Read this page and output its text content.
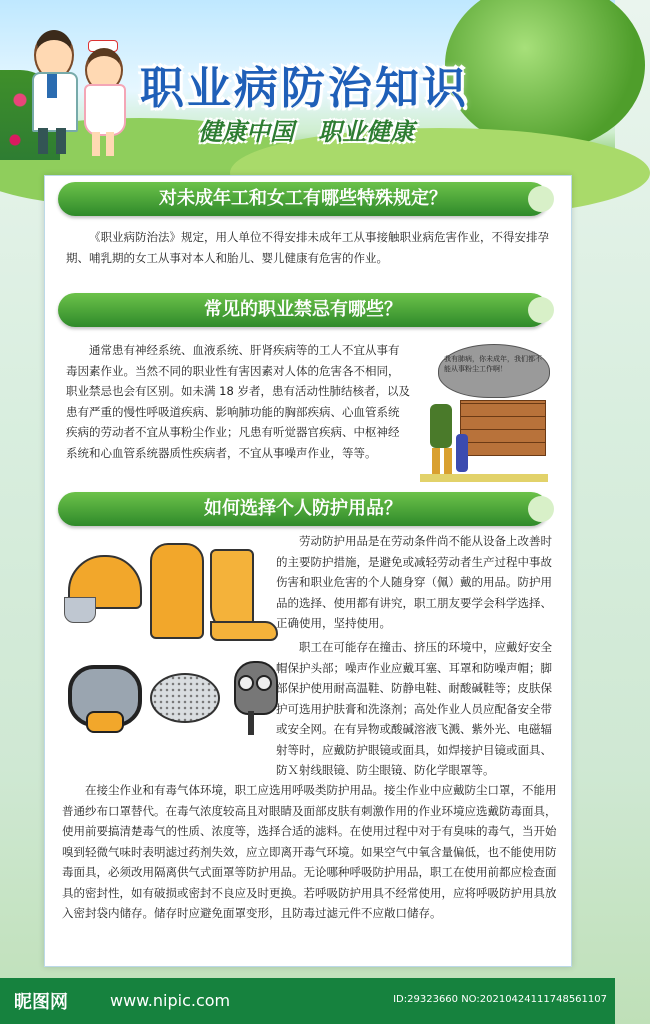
职业病防治知识
健康中国　职业健康
对未成年工和女工有哪些特殊规定？
《职业病防治法》规定，用人单位不得安排未成年工从事接触职业病危害作业，不得安排孕期、哺乳期的女工从事对本人和胎儿、婴儿健康有危害的作业。
常见的职业禁忌有哪些？
通常患有神经系统、血液系统、肝肾疾病等的工人不宜从事有毒因素作业。当然不同的职业性有害因素对人体的危害各不相同，职业禁忌也会有区别。如未满 18 岁者，患有活动性肺结核者，以及患有严重的慢性呼吸道疾病、影响肺功能的胸部疾病、心血管系统疾病的劳动者不宜从事粉尘作业；凡患有听觉器官疾病、中枢神经系统和心血管系统器质性疾病者，不宜从事噪声作业，等等。
我有肺病，你未成年，我们都不能从事粉尘工作啊！
如何选择个人防护用品？
劳动防护用品是在劳动条件尚不能从设备上改善时的主要防护措施，是避免或减轻劳动者生产过程中事故伤害和职业危害的个人随身穿（佩）戴的用品。防护用品的选择、使用都有讲究，职工朋友要学会科学选择、正确使用，坚持使用。
职工在可能存在撞击、挤压的环境中，应戴好安全帽保护头部；噪声作业应戴耳塞、耳罩和防噪声帽；脚部保护使用耐高温鞋、防静电鞋、耐酸碱鞋等；皮肤保护可选用护肤膏和洗涤剂；高处作业人员应配备安全带或安全网。在有异物或酸碱溶液飞溅、紫外光、电磁辐射等时，应戴防护眼镜或面具，如焊接护目镜或面具、防Ｘ射线眼镜、防尘眼镜、防化学眼罩等。
在接尘作业和有毒气体环境，职工应选用呼吸类防护用品。接尘作业中应戴防尘口罩，不能用普通纱布口罩替代。在毒气浓度较高且对眼睛及面部皮肤有刺激作用的作业环境应选戴防毒面具，使用前要搞清楚毒气的性质、浓度等，选择合适的滤料。在使用过程中对于有臭味的毒气，当开始嗅到轻微气味时表明滤过药剂失效，应立即离开毒气环境。如果空气中氧含量偏低，也不能使用防毒面具，必须改用隔离供气式面罩等防护用品。无论哪种呼吸防护用品，职工在使用前都应检查面具的密封性，如有破损或密封不良应及时更换。若呼吸防护用具不经常使用，应将呼吸防护用具放入密封袋内储存。储存时应避免面罩变形，且防毒过滤元件不应敞口储存。
昵图网	www.nipic.com	ID:29323660 NO:20210424111748561107
